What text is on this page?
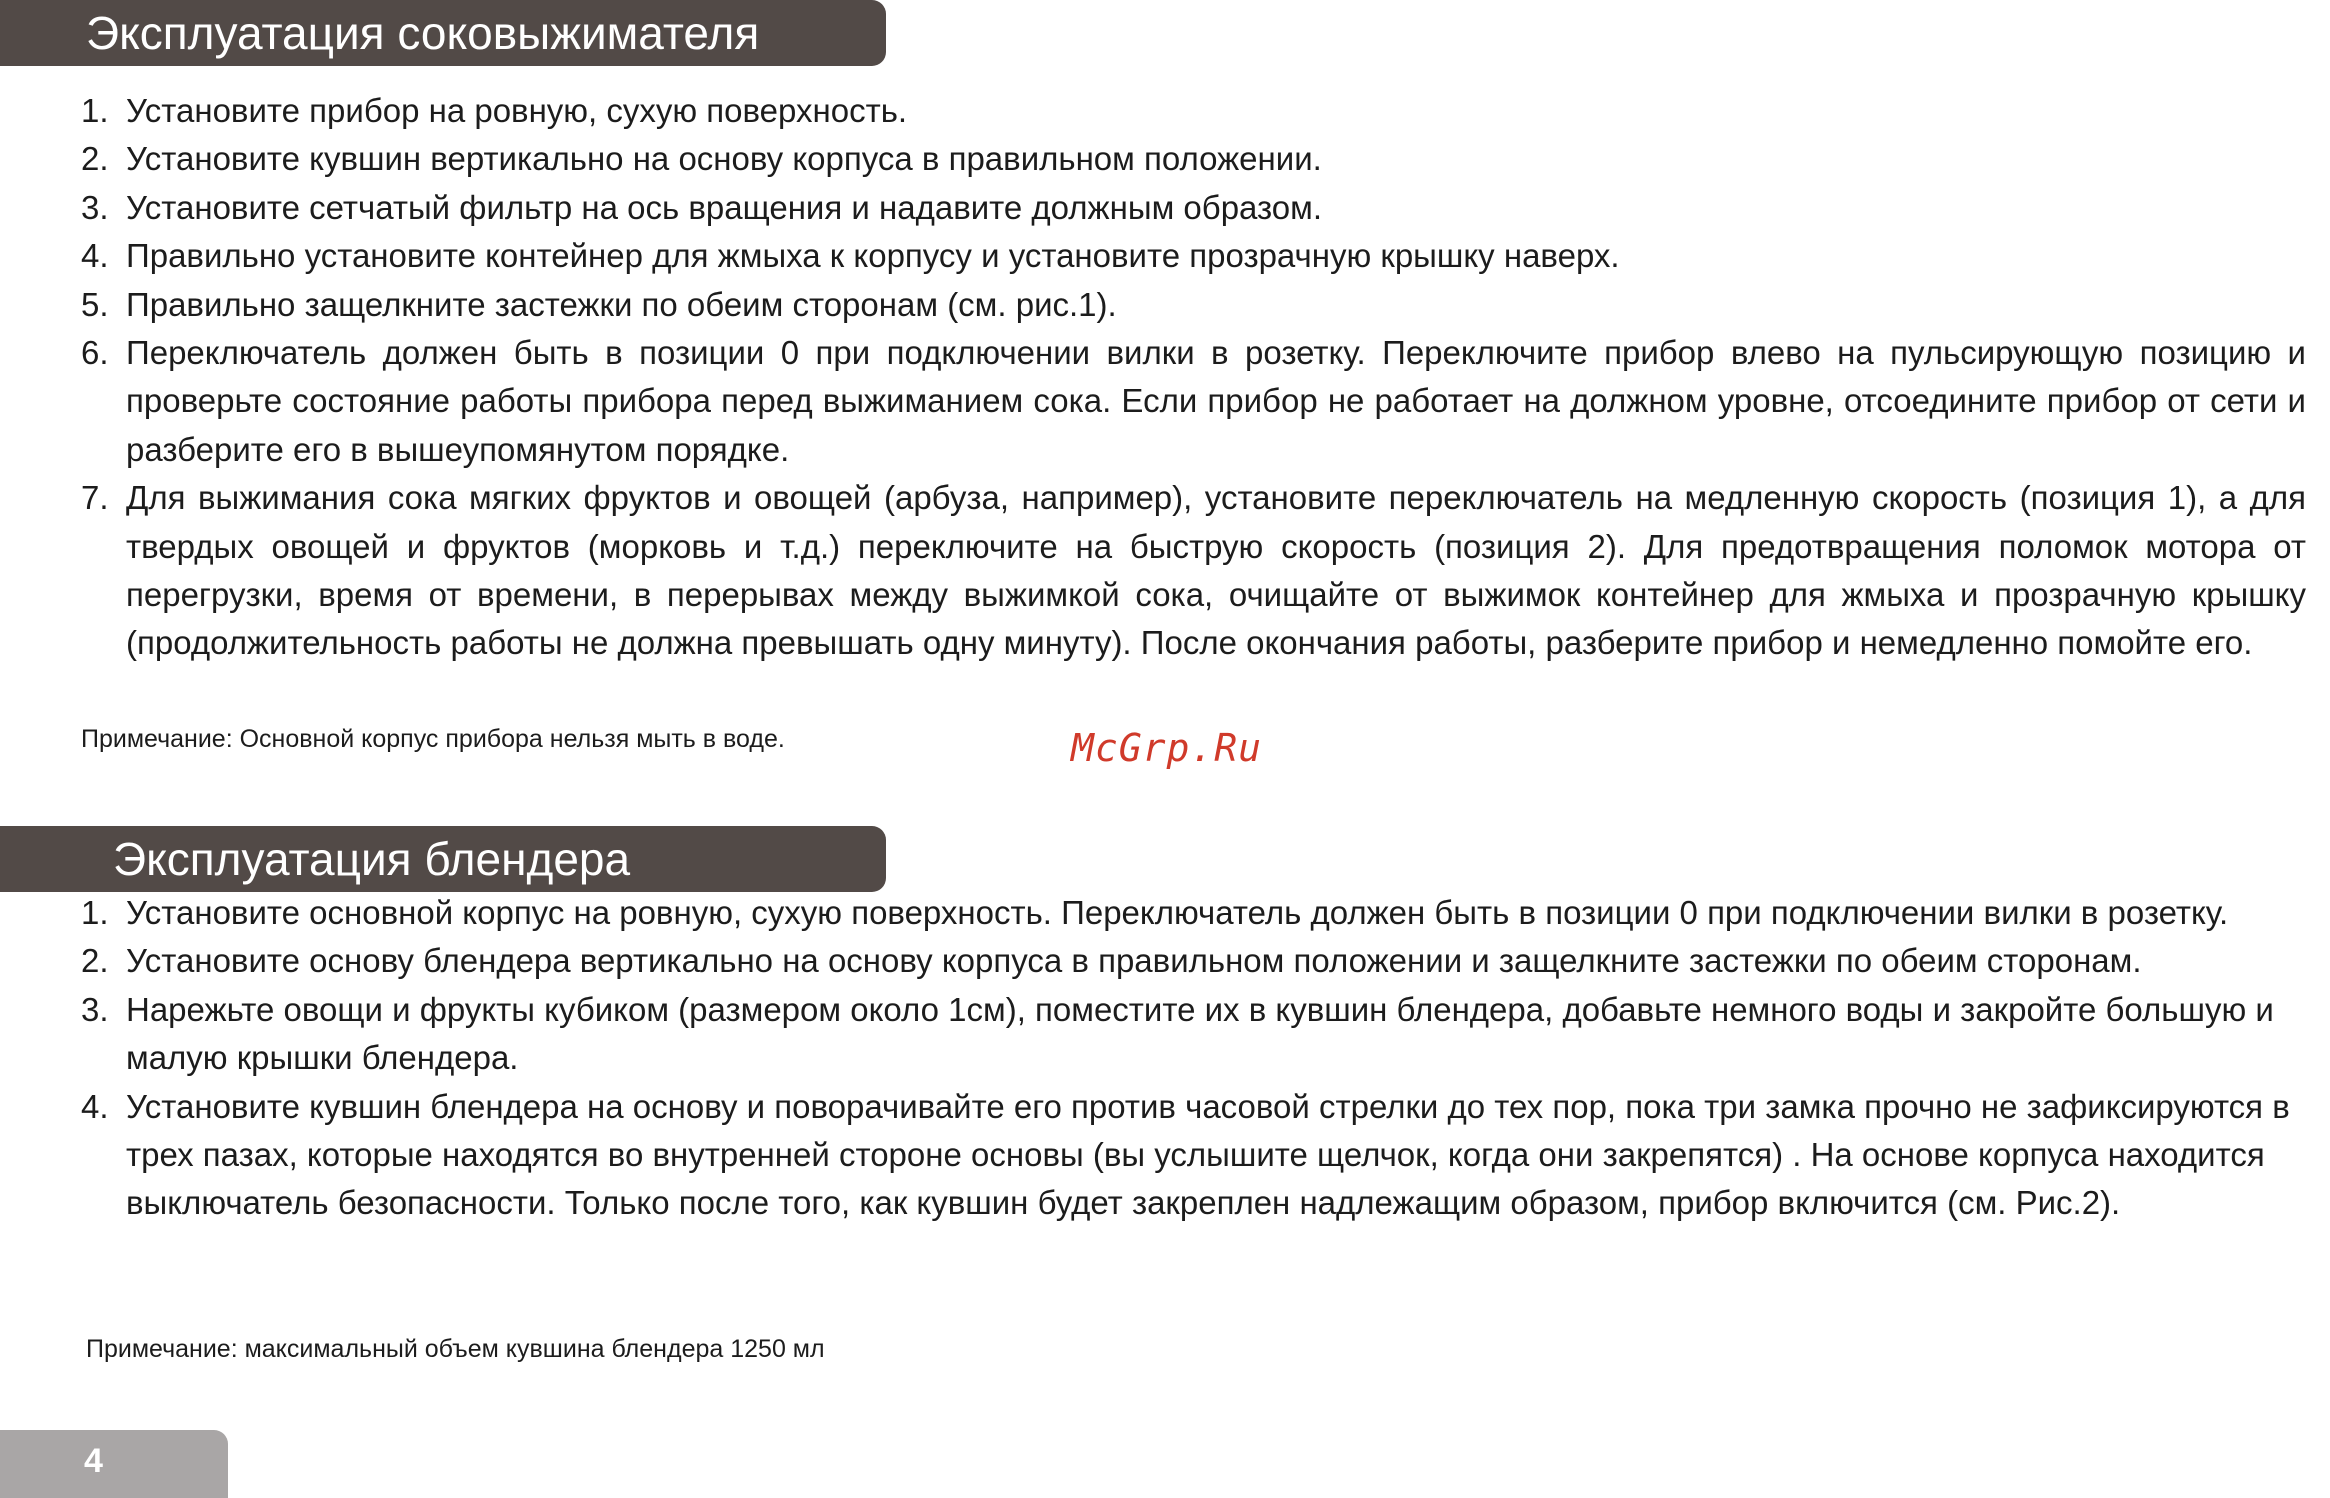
Эксплуатация соковыжимателя
1. Установите прибор на ровную, сухую поверхность.
2. Установите кувшин вертикально на основу корпуса в правильном положении.
3. Установите сетчатый фильтр на ось вращения и надавите должным образом.
4. Правильно установите контейнер для жмыха к корпусу и установите прозрачную крышку наверх.
5. Правильно защелкните застежки по обеим сторонам (см. рис.1).
6. Переключатель должен быть в позиции 0 при подключении вилки в розетку. Переключите прибор влево на пульсирующую позицию и проверьте состояние работы прибора перед выжиманием сока. Если прибор не работает на должном уровне, отсоедините прибор от сети и разберите его в вышеупомянутом порядке.
7. Для выжимания сока мягких фруктов и овощей (арбуза, например), установите переключатель на медленную скорость (позиция 1), а для твердых овощей и фруктов (морковь и т.д.) переключите на быструю скорость (позиция 2). Для предотвращения поломок мотора от перегрузки, время от времени, в перерывах между выжимкой сока, очищайте от выжимок контейнер для жмыха и прозрачную крышку (продолжительность работы не должна превышать одну минуту). После окончания работы, разберите прибор и немедленно помойте его.
Примечание: Основной корпус прибора нельзя мыть в воде.	McGrp.Ru
Эксплуатация блендера
1. Установите основной корпус на ровную, сухую поверхность. Переключатель должен быть в позиции 0 при подключении вилки в розетку.
2. Установите основу блендера вертикально на основу корпуса в правильном положении и защелкните застежки по обеим сторонам.
3. Нарежьте овощи и фрукты кубиком (размером около 1см), поместите их в кувшин блендера, добавьте немного воды и закройте большую и малую крышки блендера.
4. Установите кувшин блендера на основу и поворачивайте его против часовой стрелки до тех пор, пока три замка прочно не зафиксируются в трех пазах, которые находятся во внутренней стороне основы (вы услышите щелчок, когда они закрепятся) . На основе корпуса находится выключатель безопасности. Только после того, как кувшин будет закреплен надлежащим образом, прибор включится (см. Рис.2).
Примечание: максимальный объем кувшина блендера 1250 мл
4
